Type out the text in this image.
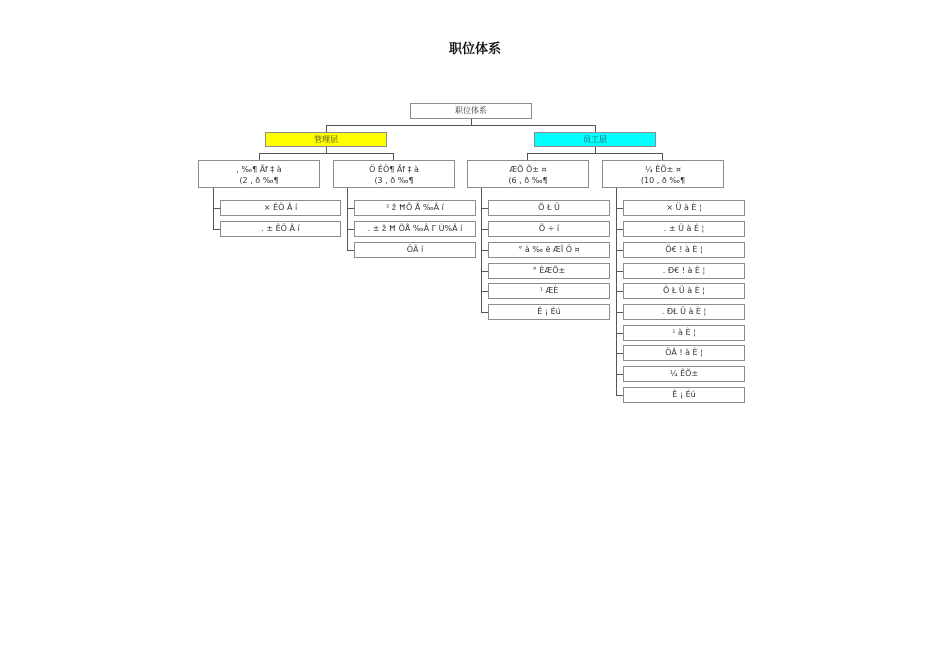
职位体系
职位体系
管理层	员工层
, ‰¶ Ãf ‡ à
(2 , ð ‰¶
Ö ÊÖ¶ Ãf ‡ à
(3 , ð ‰¶
ÆÕ Õ± ¤
(6 , ð ‰¶
¼ ÊÕ± ¤
(10 , ð ‰¶
× ÊÖ Â í
. ± ÊÖ Â í
² ž ĦÕ Å ‰Â í
. ± ž Ħ ÕÅ ‰Â Γ Ú%Â í
ÖÂ í
Õ Ł Ü
Õ ÷ í
° à ‰ ë ÆÏ Ö ¤
° ÈÆÕ±
¹ ÆÈ
Ê ¡ Éú
× Ü à È ¦
. ± Ü à È ¦
Õ€ ! à È ¦
. Ð€ ! à È ¦
Õ Ł Ü à È ¦
. ÐŁ Ü à È ¦
¹ à È ¦
ÖÂ ! à È ¦
¼ ÊÕ±
Ê ¡ Éú
